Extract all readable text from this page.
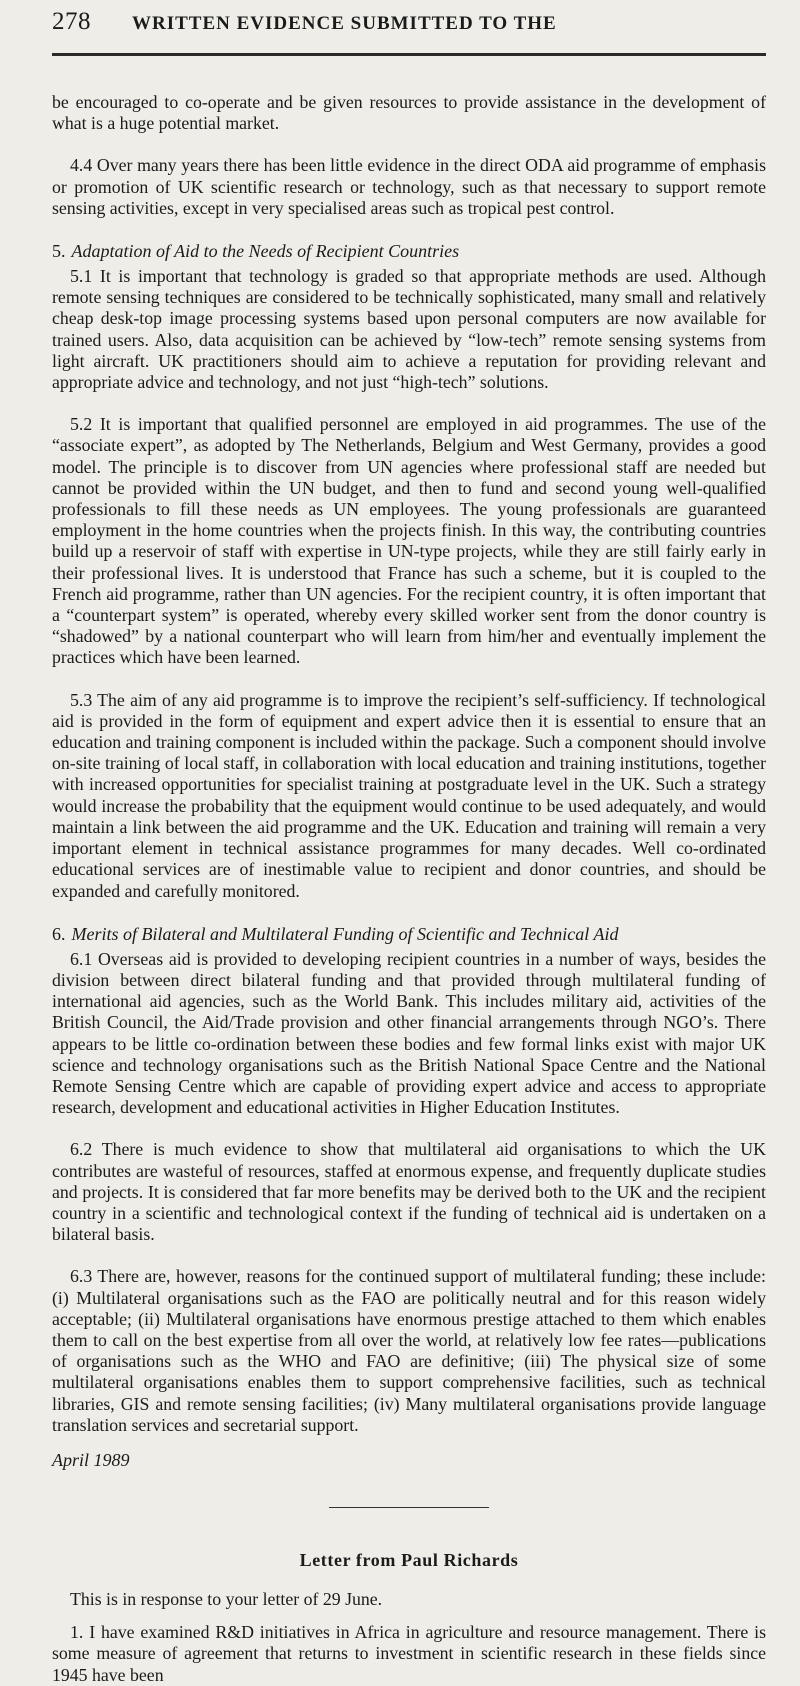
278	WRITTEN EVIDENCE SUBMITTED TO THE

be encouraged to co-operate and be given resources to provide assistance in the development of what is a huge potential market.

4.4 Over many years there has been little evidence in the direct ODA aid programme of emphasis or promotion of UK scientific research or technology, such as that necessary to support remote sensing activities, except in very specialised areas such as tropical pest control.

5. Adaptation of Aid to the Needs of Recipient Countries

5.1 It is important that technology is graded so that appropriate methods are used. Although remote sensing techniques are considered to be technically sophisticated, many small and relatively cheap desk-top image processing systems based upon personal computers are now available for trained users. Also, data acquisition can be achieved by “low-tech” remote sensing systems from light aircraft. UK practitioners should aim to achieve a reputation for providing relevant and appropriate advice and technology, and not just “high-tech” solutions.

5.2 It is important that qualified personnel are employed in aid programmes. The use of the “associate expert”, as adopted by The Netherlands, Belgium and West Germany, provides a good model. The principle is to discover from UN agencies where professional staff are needed but cannot be provided within the UN budget, and then to fund and second young well-qualified professionals to fill these needs as UN employees. The young professionals are guaranteed employment in the home countries when the projects finish. In this way, the contributing countries build up a reservoir of staff with expertise in UN-type projects, while they are still fairly early in their professional lives. It is understood that France has such a scheme, but it is coupled to the French aid programme, rather than UN agencies. For the recipient country, it is often important that a “counterpart system” is operated, whereby every skilled worker sent from the donor country is “shadowed” by a national counterpart who will learn from him/her and eventually implement the practices which have been learned.

5.3 The aim of any aid programme is to improve the recipient’s self-sufficiency. If technological aid is provided in the form of equipment and expert advice then it is essential to ensure that an education and training component is included within the package. Such a component should involve on-site training of local staff, in collaboration with local education and training institutions, together with increased opportunities for specialist training at postgraduate level in the UK. Such a strategy would increase the probability that the equipment would continue to be used adequately, and would maintain a link between the aid programme and the UK. Education and training will remain a very important element in technical assistance programmes for many decades. Well co-ordinated educational services are of inestimable value to recipient and donor countries, and should be expanded and carefully monitored.

6. Merits of Bilateral and Multilateral Funding of Scientific and Technical Aid

6.1 Overseas aid is provided to developing recipient countries in a number of ways, besides the division between direct bilateral funding and that provided through multilateral funding of international aid agencies, such as the World Bank. This includes military aid, activities of the British Council, the Aid/Trade provision and other financial arrangements through NGO’s. There appears to be little co-ordination between these bodies and few formal links exist with major UK science and technology organisations such as the British National Space Centre and the National Remote Sensing Centre which are capable of providing expert advice and access to appropriate research, development and educational activities in Higher Education Institutes.

6.2 There is much evidence to show that multilateral aid organisations to which the UK contributes are wasteful of resources, staffed at enormous expense, and frequently duplicate studies and projects. It is considered that far more benefits may be derived both to the UK and the recipient country in a scientific and technological context if the funding of technical aid is undertaken on a bilateral basis.

6.3 There are, however, reasons for the continued support of multilateral funding; these include: (i) Multilateral organisations such as the FAO are politically neutral and for this reason widely acceptable; (ii) Multilateral organisations have enormous prestige attached to them which enables them to call on the best expertise from all over the world, at relatively low fee rates—publications of organisations such as the WHO and FAO are definitive; (iii) The physical size of some multilateral organisations enables them to support comprehensive facilities, such as technical libraries, GIS and remote sensing facilities; (iv) Many multilateral organisations provide language translation services and secretarial support.

April 1989
Letter from Paul Richards

This is in response to your letter of 29 June.

1. I have examined R&D initiatives in Africa in agriculture and resource management. There is some measure of agreement that returns to investment in scientific research in these fields since 1945 have been
